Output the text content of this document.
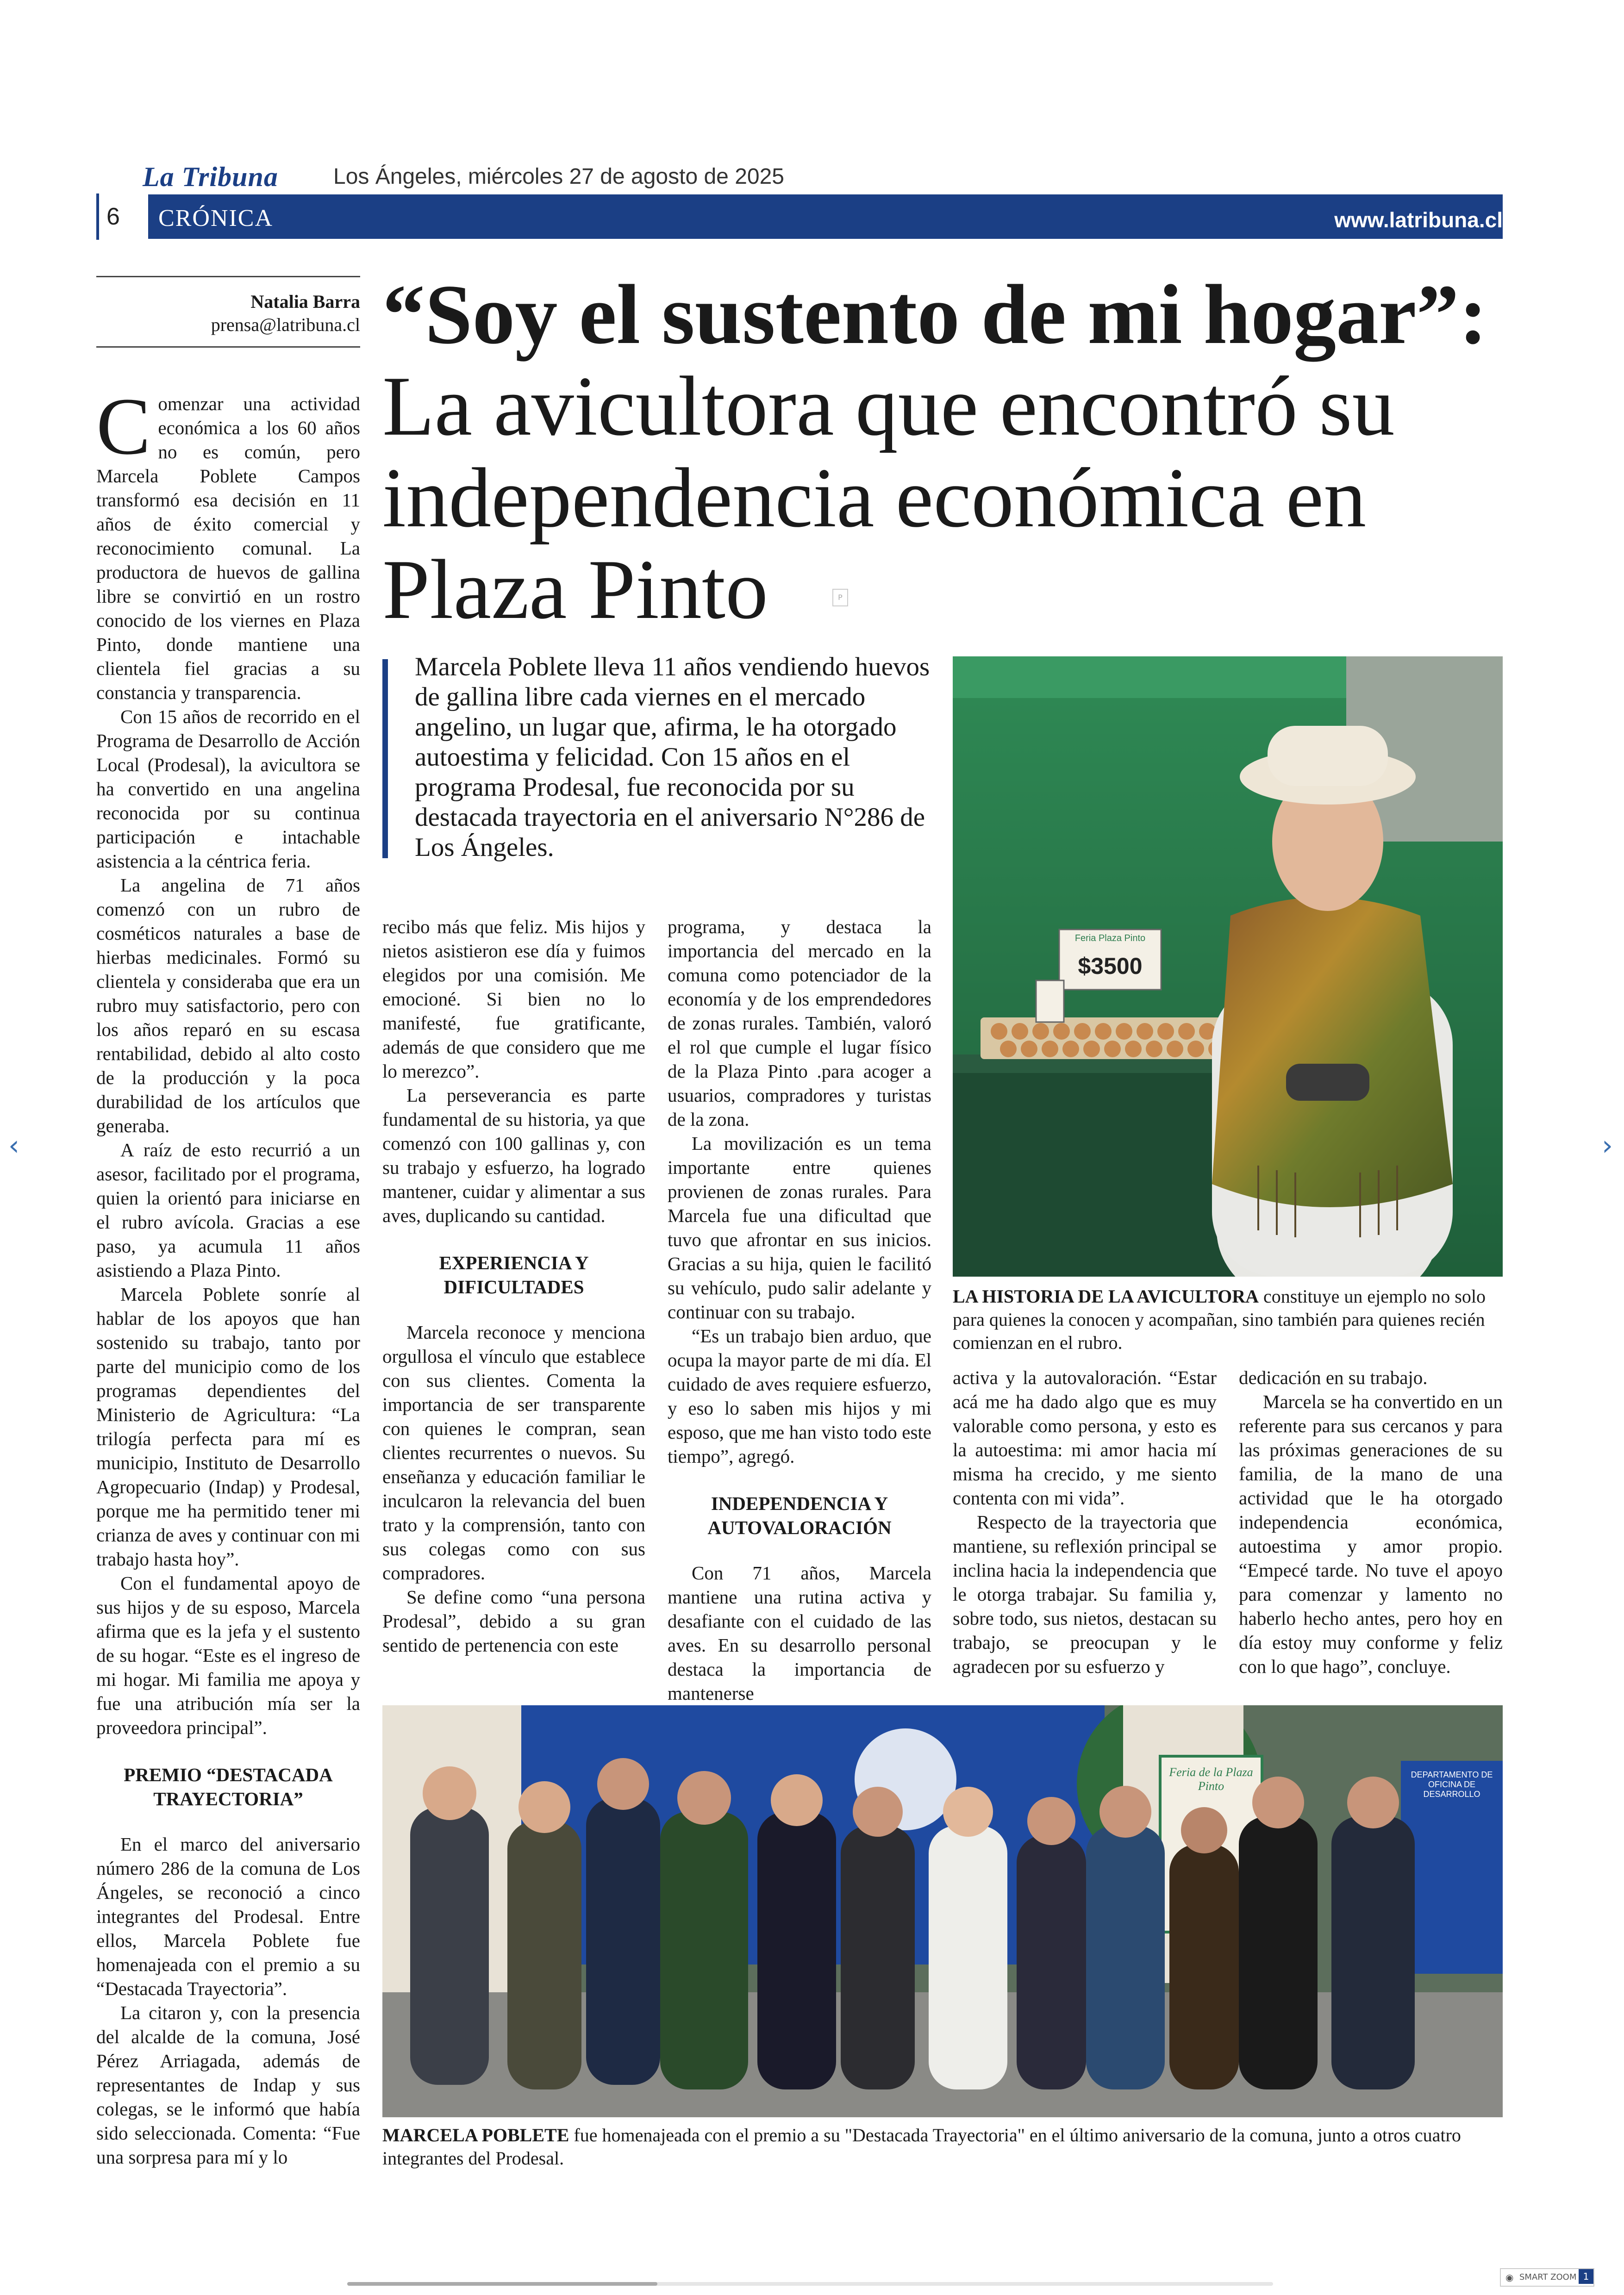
La Tribuna Los Ángeles, miércoles 27 de agosto de 2025
6 CRÓNICA	www.latribuna.cl
Natalia Barra
prensa@latribuna.cl “Soy el sustento de mi hogar”:
La avicultora que encontró su independencia económica en Plaza Pinto	P
Marcela Poblete lleva 11 años vendiendo huevos de gallina libre cada viernes en el mercado angelino, un lugar que, afirma, le ha otorgado autoestima y felicidad. Con 15 años en el programa Prodesal, fue reconocida por su destacada trayectoria en el aniversario N°286 de Los Ángeles.

Comenzar una actividad económica a los 60 años no es común, pero Marcela Poblete Campos transformó esa decisión en 11 años de éxito comercial y reconocimiento comunal. La productora de huevos de gallina libre se convirtió en un rostro conocido de los viernes en Plaza Pinto, donde mantiene una clientela fiel gracias a su constancia y transparencia.

Con 15 años de recorrido en el Programa de Desarrollo de Acción Local (Prodesal), la avicultora se ha convertido en una angelina reconocida por su continua participación e intachable asistencia a la céntrica feria.

La angelina de 71 años comenzó con un rubro de cosméticos naturales a base de hierbas medicinales. Formó su clientela y consideraba que era un rubro muy satisfactorio, pero con los años reparó en su escasa rentabilidad, debido al alto costo de la producción y la poca durabilidad de los artículos que generaba.

A raíz de esto recurrió a un asesor, facilitado por el programa, quien la orientó para iniciarse en el rubro avícola. Gracias a ese paso, ya acumula 11 años asistiendo a Plaza Pinto.

Marcela Poblete sonríe al hablar de los apoyos que han sostenido su trabajo, tanto por parte del municipio como de los programas dependientes del Ministerio de Agricultura: “La trilogía perfecta para mí es municipio, Instituto de Desarrollo Agropecuario (Indap) y Prodesal, porque me ha permitido tener mi crianza de aves y continuar con mi trabajo hasta hoy”.

Con el fundamental apoyo de sus hijos y de su esposo, Marcela afirma que es la jefa y el sustento de su hogar. “Este es el ingreso de mi hogar. Mi familia me apoya y fue una atribución mía ser la proveedora principal”.

PREMIO “DESTACADA TRAYECTORIA”

En el marco del aniversario número 286 de la comuna de Los Ángeles, se reconoció a cinco integrantes del Prodesal. Entre ellos, Marcela Poblete fue homenajeada con el premio a su “Destacada Trayectoria”.

La citaron y, con la presencia del alcalde de la comuna, José Pérez Arriagada, además de representantes de Indap y sus colegas, se le informó que había sido seleccionada. Comenta: “Fue una sorpresa para mí y lo

recibo más que feliz. Mis hijos y nietos asistieron ese día y fuimos elegidos por una comisión. Me emocioné. Si bien no lo manifesté, fue gratificante, además de que considero que me lo merezco”.

La perseverancia es parte fundamental de su historia, ya que comenzó con 100 gallinas y, con su trabajo y esfuerzo, ha logrado mantener, cuidar y alimentar a sus aves, duplicando su cantidad.

EXPERIENCIA Y DIFICULTADES

Marcela reconoce y menciona orgullosa el vínculo que establece con sus clientes. Comenta la importancia de ser transparente con quienes le compran, sean clientes recurrentes o nuevos. Su enseñanza y educación familiar le inculcaron la relevancia del buen trato y la comprensión, tanto con sus colegas como con sus compradores.

Se define como “una persona Prodesal”, debido a su gran sentido de pertenencia con este

programa, y destaca la importancia del mercado en la comuna como potenciador de la economía y de los emprendedores de zonas rurales. También, valoró el rol que cumple el lugar físico de la Plaza Pinto .para acoger a usuarios, compradores y turistas de la zona.

La movilización es un tema importante entre quienes provienen de zonas rurales. Para Marcela fue una dificultad que tuvo que afrontar en sus inicios. Gracias a su hija, quien le facilitó su vehículo, pudo salir adelante y continuar con su trabajo.

“Es un trabajo bien arduo, que ocupa la mayor parte de mi día. El cuidado de aves requiere esfuerzo, y eso lo saben mis hijos y mi esposo, que me han visto todo este tiempo”, agregó.

INDEPENDENCIA Y AUTOVALORACIÓN

Con 71 años, Marcela mantiene una rutina activa y desafiante con el cuidado de las aves. En su desarrollo personal destaca la importancia de mantenerse

activa y la autovaloración. “Estar acá me ha dado algo que es muy valorable como persona, y esto es la autoestima: mi amor hacia mí misma ha crecido, y me siento contenta con mi vida”.

Respecto de la trayectoria que mantiene, su reflexión principal se inclina hacia la independencia que le otorga trabajar. Su familia y, sobre todo, sus nietos, destacan su trabajo, se preocupan y le agradecen por su esfuerzo y

dedicación en su trabajo.

Marcela se ha convertido en un referente para sus cercanos y para las próximas generaciones de su familia, de la mano de una actividad que le ha otorgado independencia económica, autoestima y amor propio. “Empecé tarde. No tuve el apoyo para comenzar y lamento no haberlo hecho antes, pero hoy en día estoy muy conforme y feliz con lo que hago”, concluye.

Feria Plaza Pinto
$3500
LA HISTORIA DE LA AVICULTORA constituye un ejemplo no solo para quienes la conocen y acompañan, sino también para quienes recién comienzan en el rubro.
Feria de la Plaza Pinto
DEPARTAMENTO DE OFICINA DE DESARROLLO
MARCELA POBLETE fue homenajeada con el premio a su "Destacada Trayectoria" en el último aniversario de la comuna, junto a otros cuatro integrantes del Prodesal.
‹	›
◉ SMART ZOOM 1
